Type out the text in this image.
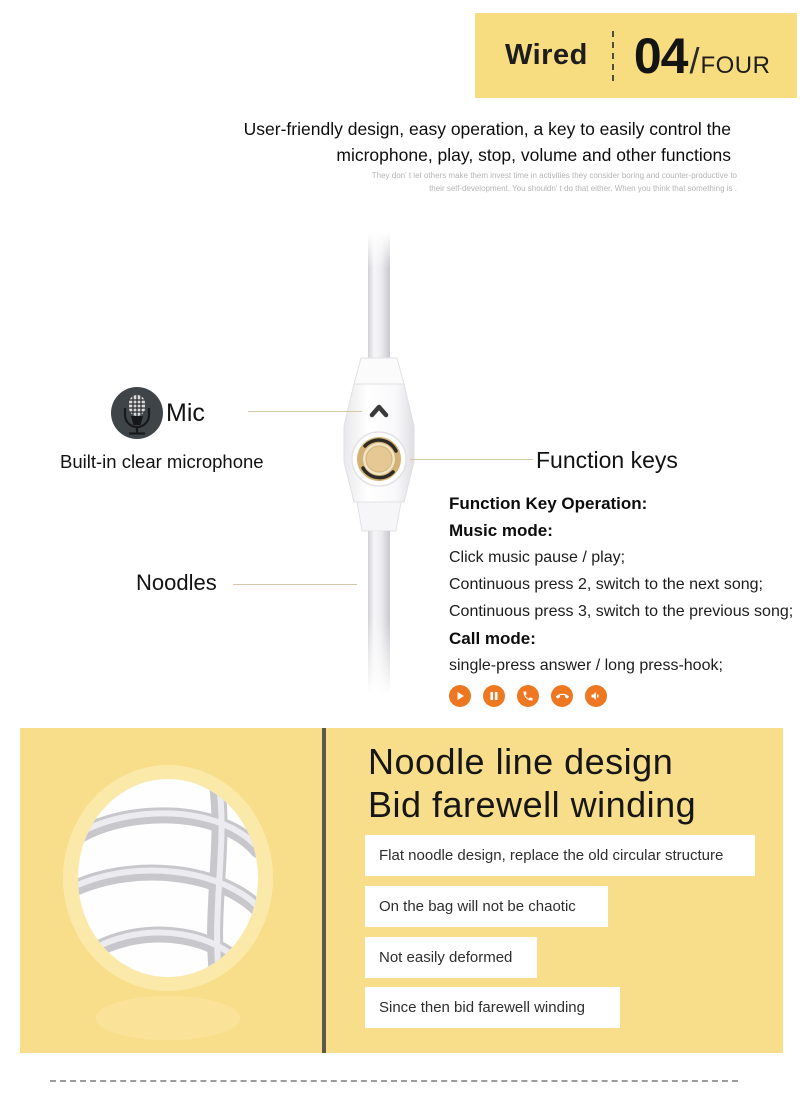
Wired 04 / FOUR
User-friendly design, easy operation, a key to easily control the
microphone, play, stop, volume and other functions
They don' t let others make them invest time in activities they consider boring and counter-productive to
their self-development. You shouldn' t do that either. When you think that something is .
Mic
Built-in clear microphone	Function keys
Noodles
Function Key Operation:
Music mode:
Click music pause / play;
Continuous press 2, switch to the next song;
Continuous press 3, switch to the previous song;
Call mode:
single-press answer / long press-hook;
Noodle line design
Bid farewell winding
Flat noodle design, replace the old circular structure
On the bag will not be chaotic
Not easily deformed
Since then bid farewell winding
